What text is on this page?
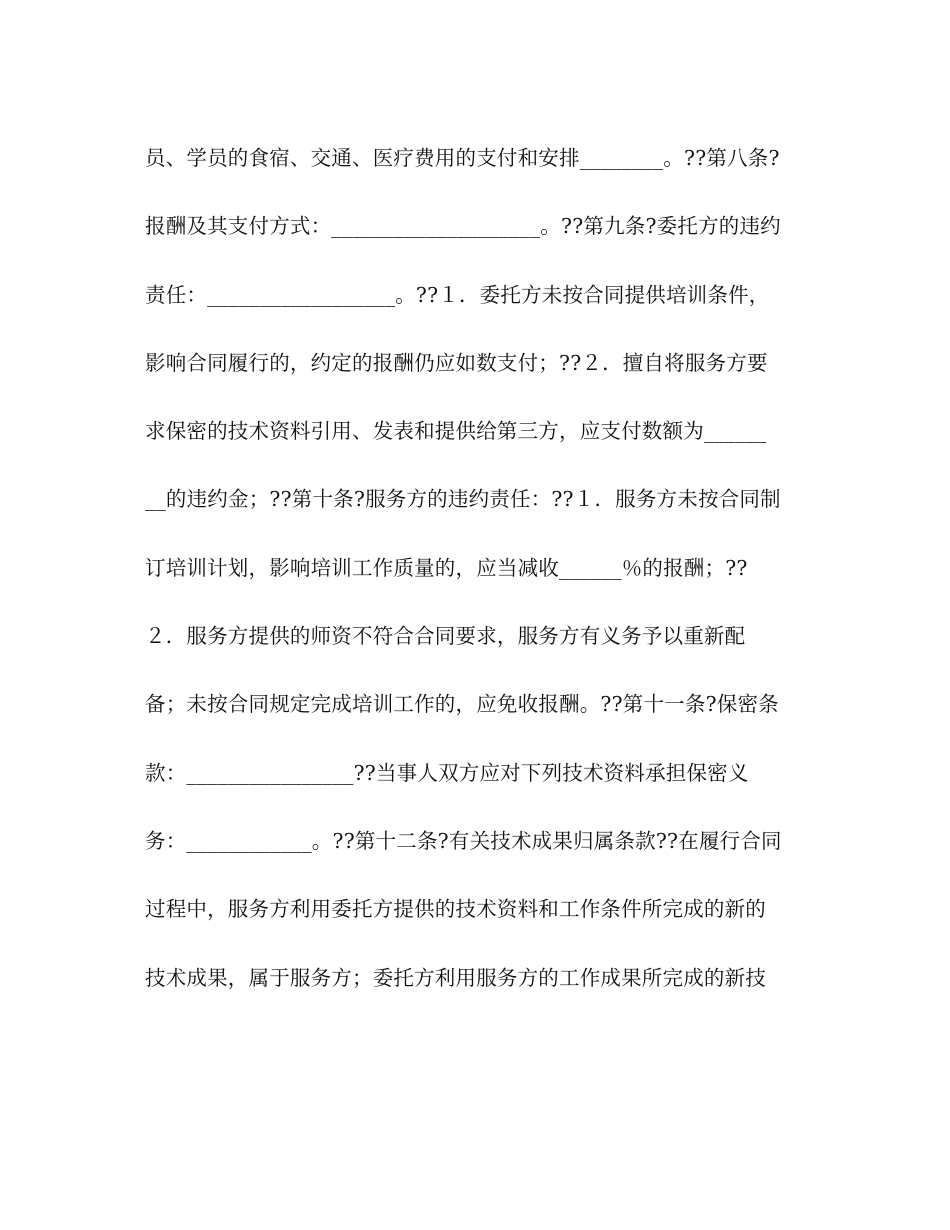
员、学员的食宿、交通、医疗费用的支付和安排________。??第八条?
报酬及其支付方式：____________________。??第九条?委托方的违约
责任：__________________。??１．委托方未按合同提供培训条件，
影响合同履行的，约定的报酬仍应如数支付；??２．擅自将服务方要
求保密的技术资料引用、发表和提供给第三方，应支付数额为______
__的违约金；??第十条?服务方的违约责任：??１．服务方未按合同制
订培训计划，影响培训工作质量的，应当减收______％的报酬；??
２．服务方提供的师资不符合合同要求，服务方有义务予以重新配
备；未按合同规定完成培训工作的，应免收报酬。??第十一条?保密条
款：________________??当事人双方应对下列技术资料承担保密义
务：____________。??第十二条?有关技术成果归属条款??在履行合同
过程中，服务方利用委托方提供的技术资料和工作条件所完成的新的
技术成果，属于服务方；委托方利用服务方的工作成果所完成的新技
